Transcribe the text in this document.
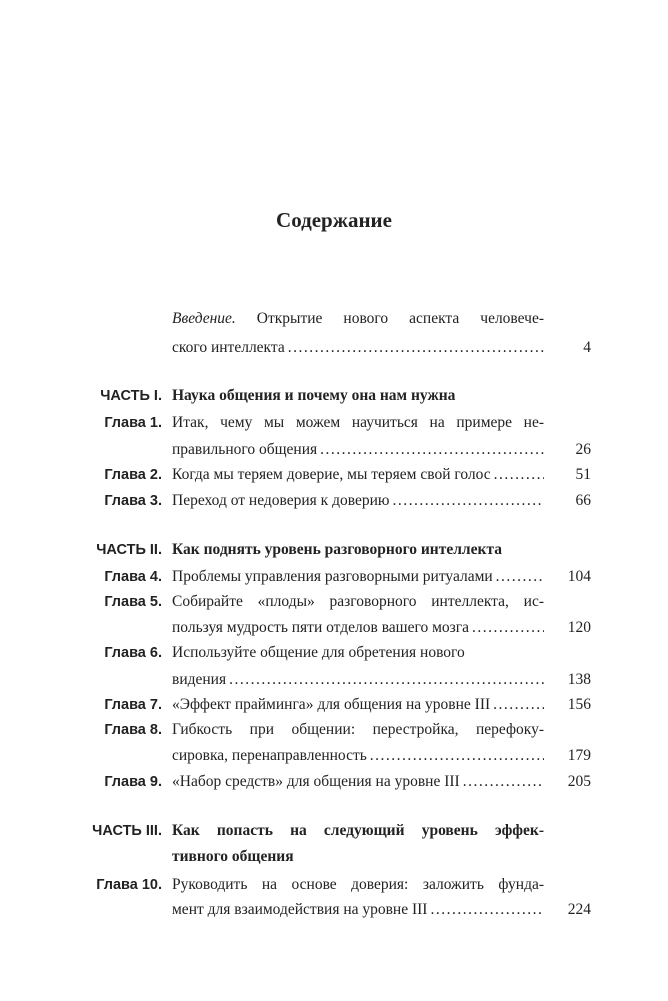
Содержание
Введение. Открытие нового аспекта человече-
ского интеллекта .....	4
ЧАСТЬ I. Наука общения и почему она нам нужна
Глава 1. Итак, чему мы можем научиться на примере не-
правильного общения .....	26
Глава 2. Когда мы теряем доверие, мы теряем свой голос .....	51
Глава 3. Переход от недоверия к доверию .....	66
ЧАСТЬ II. Как поднять уровень разговорного интеллекта
Глава 4. Проблемы управления разговорными ритуалами .....	104
Глава 5. Собирайте «плоды» разговорного интеллекта, ис-
пользуя мудрость пяти отделов вашего мозга .....	120
Глава 6. Используйте общение для обретения нового
видения .....	138
Глава 7. «Эффект прайминга» для общения на уровне III .....	156
Глава 8. Гибкость при общении: перестройка, перефоку-
сировка, перенаправленность .....	179
Глава 9. «Набор средств» для общения на уровне III .....	205
ЧАСТЬ III. Как попасть на следующий уровень эффек-
тивного общения
Глава 10. Руководить на основе доверия: заложить фунда-
мент для взаимодействия на уровне III .....	224
